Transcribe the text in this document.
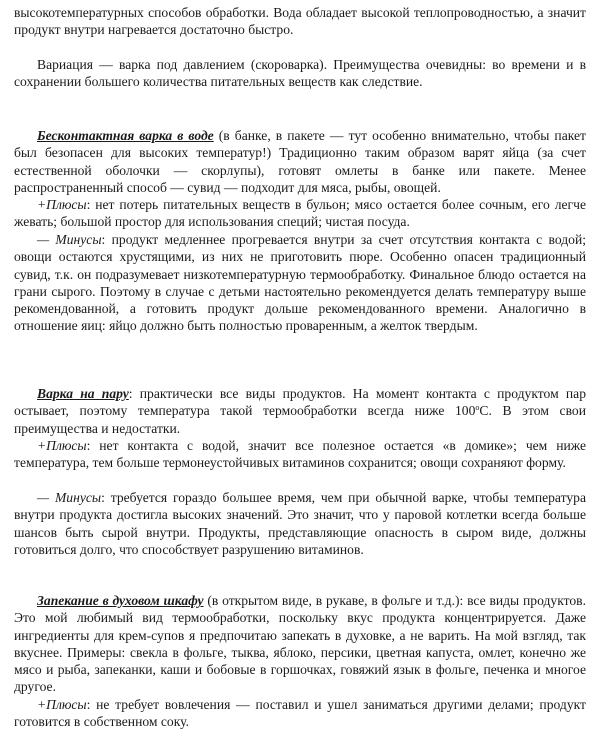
высокотемпературных способов обработки. Вода обладает высокой теплопроводностью, а значит продукт внутри нагревается достаточно быстро.

Вариация — варка под давлением (скороварка). Преимущества очевидны: во времени и в сохранении большего количества питательных веществ как следствие.

Бесконтактная варка в воде (в банке, в пакете — тут особенно внимательно, чтобы пакет был безопасен для высоких температур!) Традиционно таким образом варят яйца (за счет естественной оболочки — скорлупы), готовят омлеты в банке или пакете. Менее распространенный способ — сувид — подходит для мяса, рыбы, овощей.

+Плюсы: нет потерь питательных веществ в бульон; мясо остается более сочным, его легче жевать; большой простор для использования специй; чистая посуда.

— Минусы: продукт медленнее прогревается внутри за счет отсутствия контакта с водой; овощи остаются хрустящими, из них не приготовить пюре. Особенно опасен традиционный сувид, т.к. он подразумевает низкотемпературную термообработку. Финальное блюдо остается на грани сырого. Поэтому в случае с детьми настоятельно рекомендуется делать температуру выше рекомендованной, а готовить продукт дольше рекомендованного времени. Аналогично в отношение яиц: яйцо должно быть полностью проваренным, а желток твердым.

Варка на пару: практически все виды продуктов. На момент контакта с продуктом пар остывает, поэтому температура такой термообработки всегда ниже $100^оС$. В этом свои преимущества и недостатки.

+Плюсы: нет контакта с водой, значит все полезное остается «в домике»; чем ниже температура, тем больше термонеустойчивых витаминов сохранится; овощи сохраняют форму.

— Минусы: требуется гораздо большее время, чем при обычной варке, чтобы температура внутри продукта достигла высоких значений. Это значит, что у паровой котлетки всегда больше шансов быть сырой внутри. Продукты, представляющие опасность в сыром виде, должны готовиться долго, что способствует разрушению витаминов.

Запекание в духовом шкафу (в открытом виде, в рукаве, в фольге и т.д.): все виды продуктов. Это мой любимый вид термообработки, поскольку вкус продукта концентрируется. Даже ингредиенты для крем-супов я предпочитаю запекать в духовке, а не варить. На мой взгляд, так вкуснее. Примеры: свекла в фольге, тыква, яблоко, персики, цветная капуста, омлет, конечно же мясо и рыба, запеканки, каши и бобовые в горшочках, говяжий язык в фольге, печенка и многое другое.

+Плюсы: не требует вовлечения — поставил и ушел заниматься другими делами; продукт готовится в собственном соку.
